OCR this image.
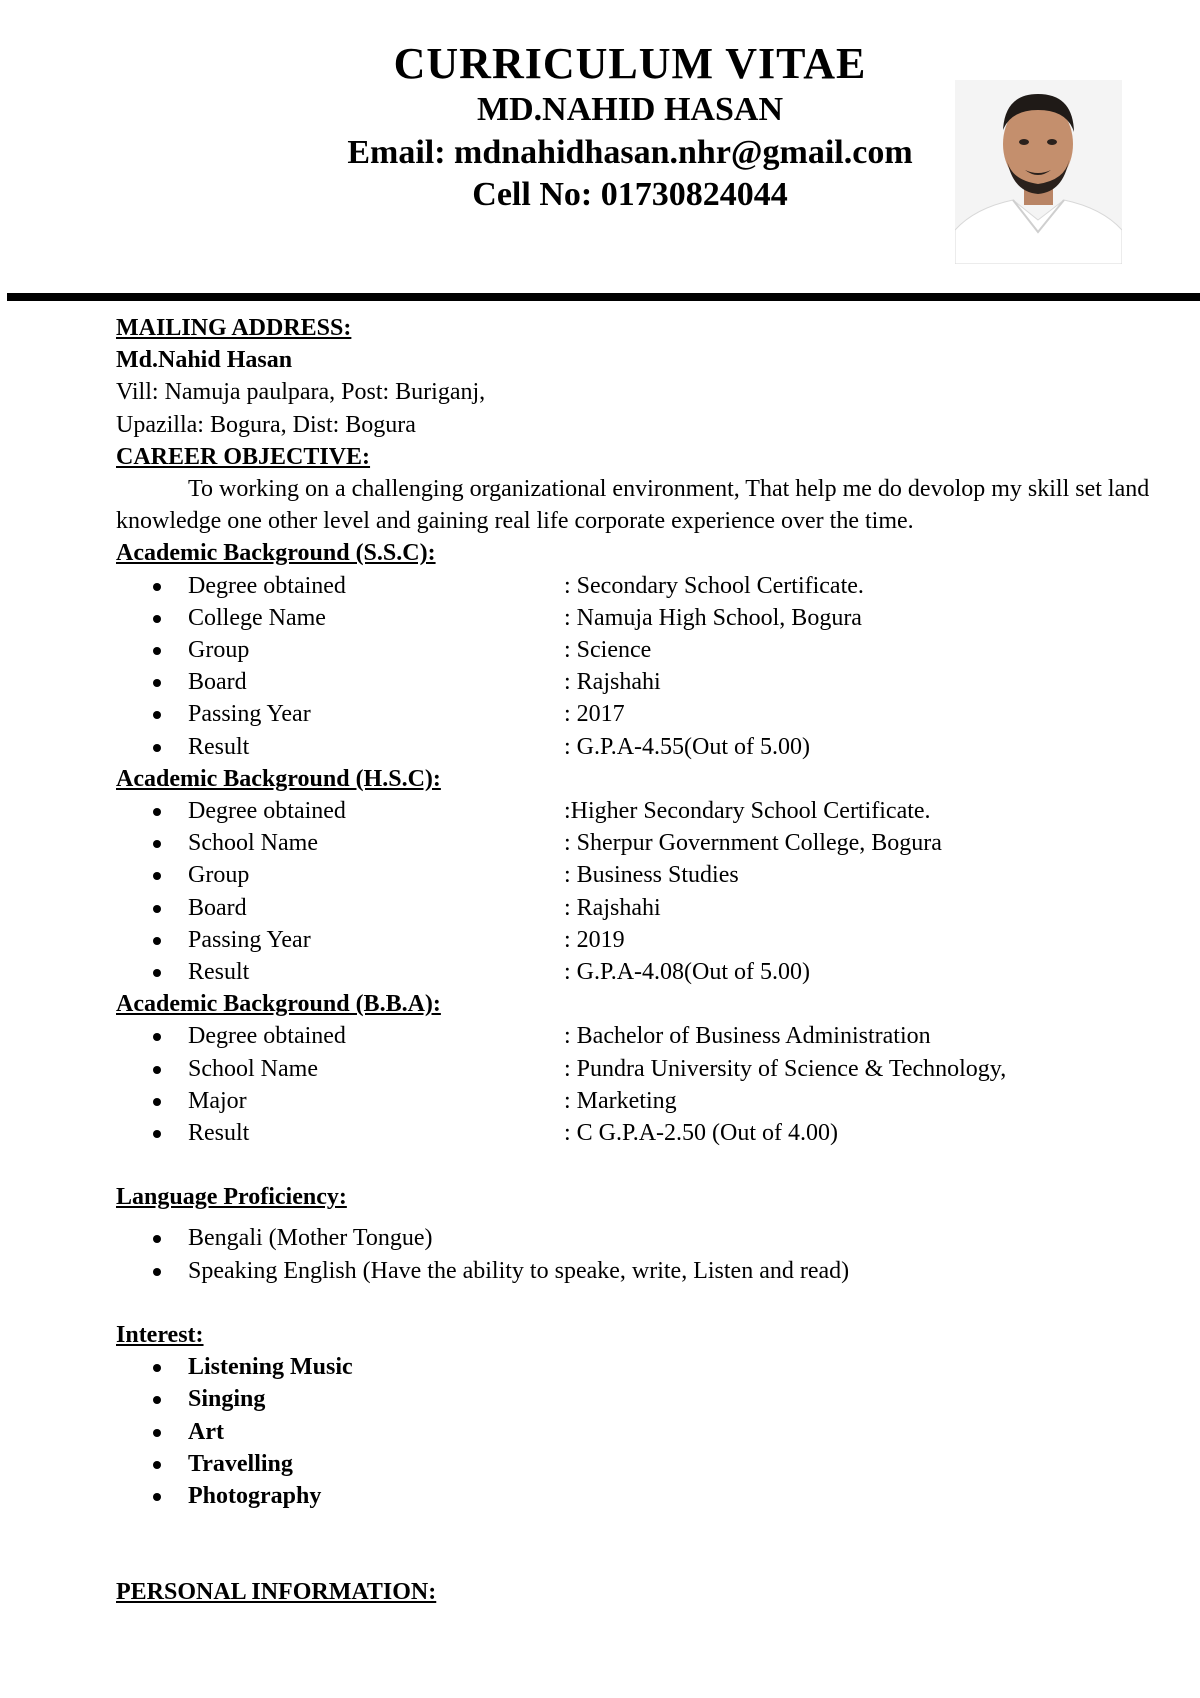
CURRICULUM VITAE
MD.NAHID HASAN
Email: mdnahidhasan.nhr@gmail.com
Cell No: 01730824044
MAILING ADDRESS:
Md.Nahid Hasan
Vill: Namuja paulpara, Post: Buriganj,
Upazilla: Bogura, Dist: Bogura
CAREER OBJECTIVE:
To working on a challenging organizational environment, That help me do devolop my skill set land knowledge one other level and gaining real life corporate experience over the time.
Academic Background (S.S.C):
Degree obtained	: Secondary School Certificate.
College Name	: Namuja High School, Bogura
Group	: Science
Board	: Rajshahi
Passing Year	: 2017
Result	: G.P.A-4.55(Out of 5.00)
Academic Background (H.S.C):
Degree obtained	:Higher Secondary School Certificate.
School Name	: Sherpur Government College, Bogura
Group	: Business Studies
Board	: Rajshahi
Passing Year	: 2019
Result	: G.P.A-4.08(Out of 5.00)
Academic Background (B.B.A):
Degree obtained	: Bachelor of Business Administration
School Name	: Pundra University of Science & Technology,
Major	: Marketing
Result	: C G.P.A-2.50 (Out of 4.00)
Language Proficiency:
Bengali (Mother Tongue)
Speaking English (Have the ability to speake, write, Listen and read)
Interest:
Listening Music
Singing
Art
Travelling
Photography
PERSONAL INFORMATION:
